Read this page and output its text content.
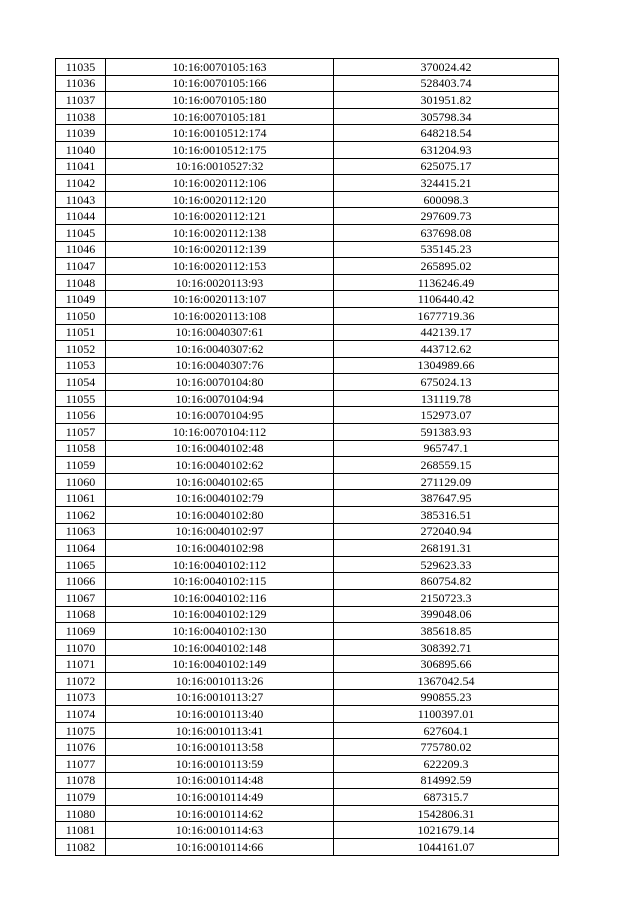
11035	10:16:0070105:163	370024.42
11036	10:16:0070105:166	528403.74
11037	10:16:0070105:180	301951.82
11038	10:16:0070105:181	305798.34
11039	10:16:0010512:174	648218.54
11040	10:16:0010512:175	631204.93
11041	10:16:0010527:32	625075.17
11042	10:16:0020112:106	324415.21
11043	10:16:0020112:120	600098.3
11044	10:16:0020112:121	297609.73
11045	10:16:0020112:138	637698.08
11046	10:16:0020112:139	535145.23
11047	10:16:0020112:153	265895.02
11048	10:16:0020113:93	1136246.49
11049	10:16:0020113:107	1106440.42
11050	10:16:0020113:108	1677719.36
11051	10:16:0040307:61	442139.17
11052	10:16:0040307:62	443712.62
11053	10:16:0040307:76	1304989.66
11054	10:16:0070104:80	675024.13
11055	10:16:0070104:94	131119.78
11056	10:16:0070104:95	152973.07
11057	10:16:0070104:112	591383.93
11058	10:16:0040102:48	965747.1
11059	10:16:0040102:62	268559.15
11060	10:16:0040102:65	271129.09
11061	10:16:0040102:79	387647.95
11062	10:16:0040102:80	385316.51
11063	10:16:0040102:97	272040.94
11064	10:16:0040102:98	268191.31
11065	10:16:0040102:112	529623.33
11066	10:16:0040102:115	860754.82
11067	10:16:0040102:116	2150723.3
11068	10:16:0040102:129	399048.06
11069	10:16:0040102:130	385618.85
11070	10:16:0040102:148	308392.71
11071	10:16:0040102:149	306895.66
11072	10:16:0010113:26	1367042.54
11073	10:16:0010113:27	990855.23
11074	10:16:0010113:40	1100397.01
11075	10:16:0010113:41	627604.1
11076	10:16:0010113:58	775780.02
11077	10:16:0010113:59	622209.3
11078	10:16:0010114:48	814992.59
11079	10:16:0010114:49	687315.7
11080	10:16:0010114:62	1542806.31
11081	10:16:0010114:63	1021679.14
11082	10:16:0010114:66	1044161.07
